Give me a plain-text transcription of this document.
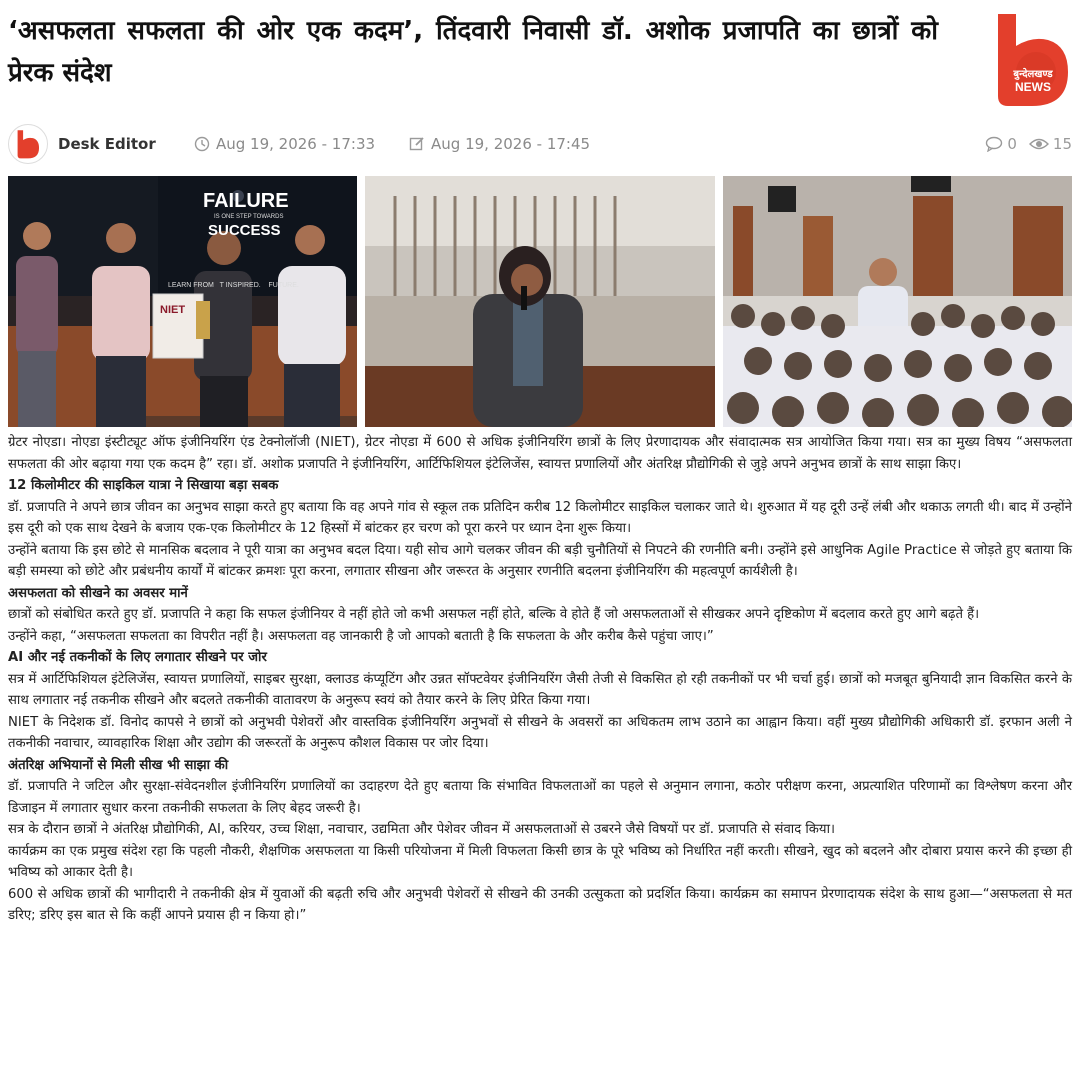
‘असफलता सफलता की ओर एक कदम’, तिंदवारी निवासी डॉ. अशोक प्रजापति का छात्रों को प्रेरक संदेश	बुन्देलखण्ड
NEWS
Desk Editor	Aug 19, 2026 - 17:33	Aug 19, 2026 - 17:45	0 15
FAILURE
IS ONE STEP TOWARDS
SUCCESS
LEARN FROM   T INSPIRED.    FUTURE.
NIET

ग्रेटर नोएडा। नोएडा इंस्टीट्यूट ऑफ इंजीनियरिंग एंड टेक्नोलॉजी (NIET), ग्रेटर नोएडा में 600 से अधिक इंजीनियरिंग छात्रों के लिए प्रेरणादायक और संवादात्मक सत्र आयोजित किया गया। सत्र का मुख्य विषय “असफलता सफलता की ओर बढ़ाया गया एक कदम है” रहा। डॉ. अशोक प्रजापति ने इंजीनियरिंग, आर्टिफिशियल इंटेलिजेंस, स्वायत्त प्रणालियों और अंतरिक्ष प्रौद्योगिकी से जुड़े अपने अनुभव छात्रों के साथ साझा किए।

12 किलोमीटर की साइकिल यात्रा ने सिखाया बड़ा सबक

डॉ. प्रजापति ने अपने छात्र जीवन का अनुभव साझा करते हुए बताया कि वह अपने गांव से स्कूल तक प्रतिदिन करीब 12 किलोमीटर साइकिल चलाकर जाते थे। शुरुआत में यह दूरी उन्हें लंबी और थकाऊ लगती थी। बाद में उन्होंने इस दूरी को एक साथ देखने के बजाय एक-एक किलोमीटर के 12 हिस्सों में बांटकर हर चरण को पूरा करने पर ध्यान देना शुरू किया।

उन्होंने बताया कि इस छोटे से मानसिक बदलाव ने पूरी यात्रा का अनुभव बदल दिया। यही सोच आगे चलकर जीवन की बड़ी चुनौतियों से निपटने की रणनीति बनी। उन्होंने इसे आधुनिक Agile Practice से जोड़ते हुए बताया कि बड़ी समस्या को छोटे और प्रबंधनीय कार्यों में बांटकर क्रमशः पूरा करना, लगातार सीखना और जरूरत के अनुसार रणनीति बदलना इंजीनियरिंग की महत्वपूर्ण कार्यशैली है।

असफलता को सीखने का अवसर मानें

छात्रों को संबोधित करते हुए डॉ. प्रजापति ने कहा कि सफल इंजीनियर वे नहीं होते जो कभी असफल नहीं होते, बल्कि वे होते हैं जो असफलताओं से सीखकर अपने दृष्टिकोण में बदलाव करते हुए आगे बढ़ते हैं।

उन्होंने कहा, “असफलता सफलता का विपरीत नहीं है। असफलता वह जानकारी है जो आपको बताती है कि सफलता के और करीब कैसे पहुंचा जाए।”

AI और नई तकनीकों के लिए लगातार सीखने पर जोर

सत्र में आर्टिफिशियल इंटेलिजेंस, स्वायत्त प्रणालियों, साइबर सुरक्षा, क्लाउड कंप्यूटिंग और उन्नत सॉफ्टवेयर इंजीनियरिंग जैसी तेजी से विकसित हो रही तकनीकों पर भी चर्चा हुई। छात्रों को मजबूत बुनियादी ज्ञान विकसित करने के साथ लगातार नई तकनीक सीखने और बदलते तकनीकी वातावरण के अनुरूप स्वयं को तैयार करने के लिए प्रेरित किया गया।

NIET के निदेशक डॉ. विनोद कापसे ने छात्रों को अनुभवी पेशेवरों और वास्तविक इंजीनियरिंग अनुभवों से सीखने के अवसरों का अधिकतम लाभ उठाने का आह्वान किया। वहीं मुख्य प्रौद्योगिकी अधिकारी डॉ. इरफान अली ने तकनीकी नवाचार, व्यावहारिक शिक्षा और उद्योग की जरूरतों के अनुरूप कौशल विकास पर जोर दिया।

अंतरिक्ष अभियानों से मिली सीख भी साझा की

डॉ. प्रजापति ने जटिल और सुरक्षा-संवेदनशील इंजीनियरिंग प्रणालियों का उदाहरण देते हुए बताया कि संभावित विफलताओं का पहले से अनुमान लगाना, कठोर परीक्षण करना, अप्रत्याशित परिणामों का विश्लेषण करना और डिजाइन में लगातार सुधार करना तकनीकी सफलता के लिए बेहद जरूरी है।

सत्र के दौरान छात्रों ने अंतरिक्ष प्रौद्योगिकी, AI, करियर, उच्च शिक्षा, नवाचार, उद्यमिता और पेशेवर जीवन में असफलताओं से उबरने जैसे विषयों पर डॉ. प्रजापति से संवाद किया।

कार्यक्रम का एक प्रमुख संदेश रहा कि पहली नौकरी, शैक्षणिक असफलता या किसी परियोजना में मिली विफलता किसी छात्र के पूरे भविष्य को निर्धारित नहीं करती। सीखने, खुद को बदलने और दोबारा प्रयास करने की इच्छा ही भविष्य को आकार देती है।

600 से अधिक छात्रों की भागीदारी ने तकनीकी क्षेत्र में युवाओं की बढ़ती रुचि और अनुभवी पेशेवरों से सीखने की उनकी उत्सुकता को प्रदर्शित किया। कार्यक्रम का समापन प्रेरणादायक संदेश के साथ हुआ—“असफलता से मत डरिए; डरिए इस बात से कि कहीं आपने प्रयास ही न किया हो।”
